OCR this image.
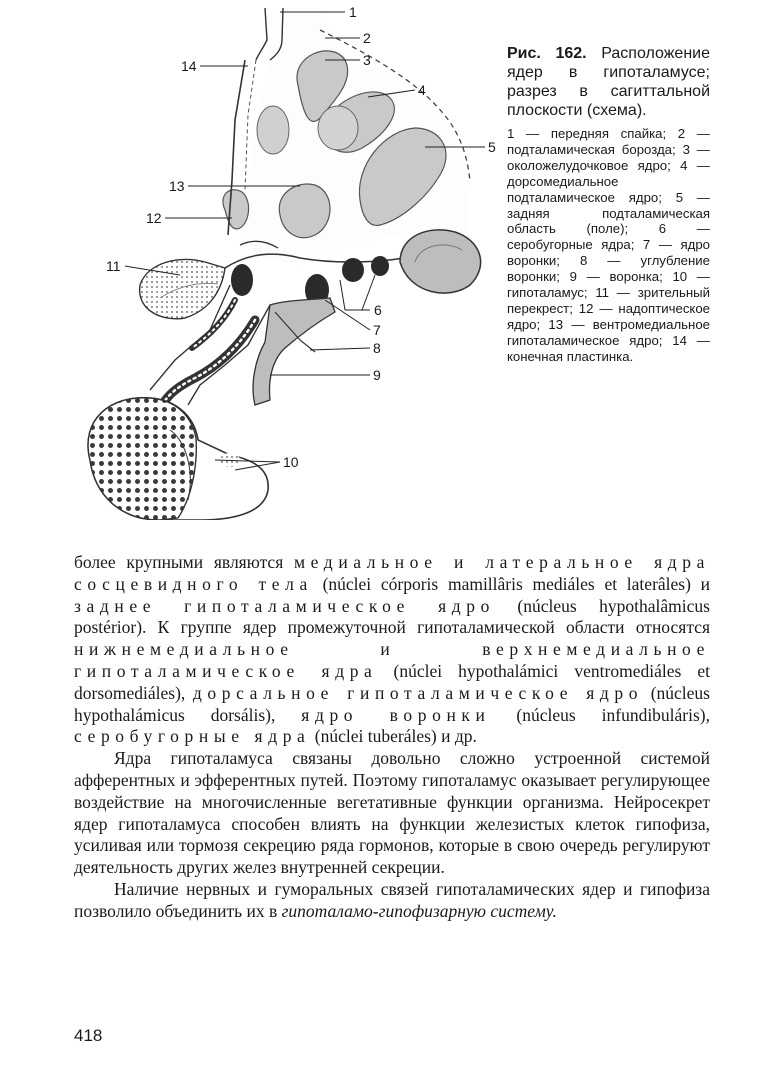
1
2
3
4
5
6
7
8
9
10
11
12
13
14

Рис. 162. Расположение ядер в гипоталамусе; разрез в сагиттальной плоскости (схема).

1 — передняя спайка; 2 — подталамическая борозда; 3 — околожелудочковое ядро; 4 — дорсомедиальное подталамическое ядро; 5 — задняя подталамическая область (поле); 6 — серобугорные ядра; 7 — ядро воронки; 8 — углубление воронки; 9 — воронка; 10 — гипоталамус; 11 — зрительный перекрест; 12 — надоптическое ядро; 13 — вентромедиальное гипоталамическое ядро; 14 — конечная пластинка.

более крупными являются медиальное и латеральное ядра сосцевидного тела (núclei córporis mamillâris mediáles et laterâles) и заднее гипоталамическое ядро (núcleus hypothalâmicus postérior). К группе ядер промежуточной гипоталамической области относятся нижнемедиальное и верхнемедиальное гипоталамическое ядра (núclei hypothalámici ventromediáles et dorsomediáles), дорсальное гипоталамическое ядро (núcleus hypothalámicus dorsális), ядро воронки (núcleus infundibuláris), серобугорные ядра (núclei tuberáles) и др.

Ядра гипоталамуса связаны довольно сложно устроенной системой афферентных и эфферентных путей. Поэтому гипоталамус оказывает регулирующее воздействие на многочисленные вегетативные функции организма. Нейросекрет ядер гипоталамуса способен влиять на функции железистых клеток гипофиза, усиливая или тормозя секрецию ряда гормонов, которые в свою очередь регулируют деятельность других желез внутренней секреции.

Наличие нервных и гуморальных связей гипоталамических ядер и гипофиза позволило объединить их в гипоталамо-гипофизарную систему.

418
